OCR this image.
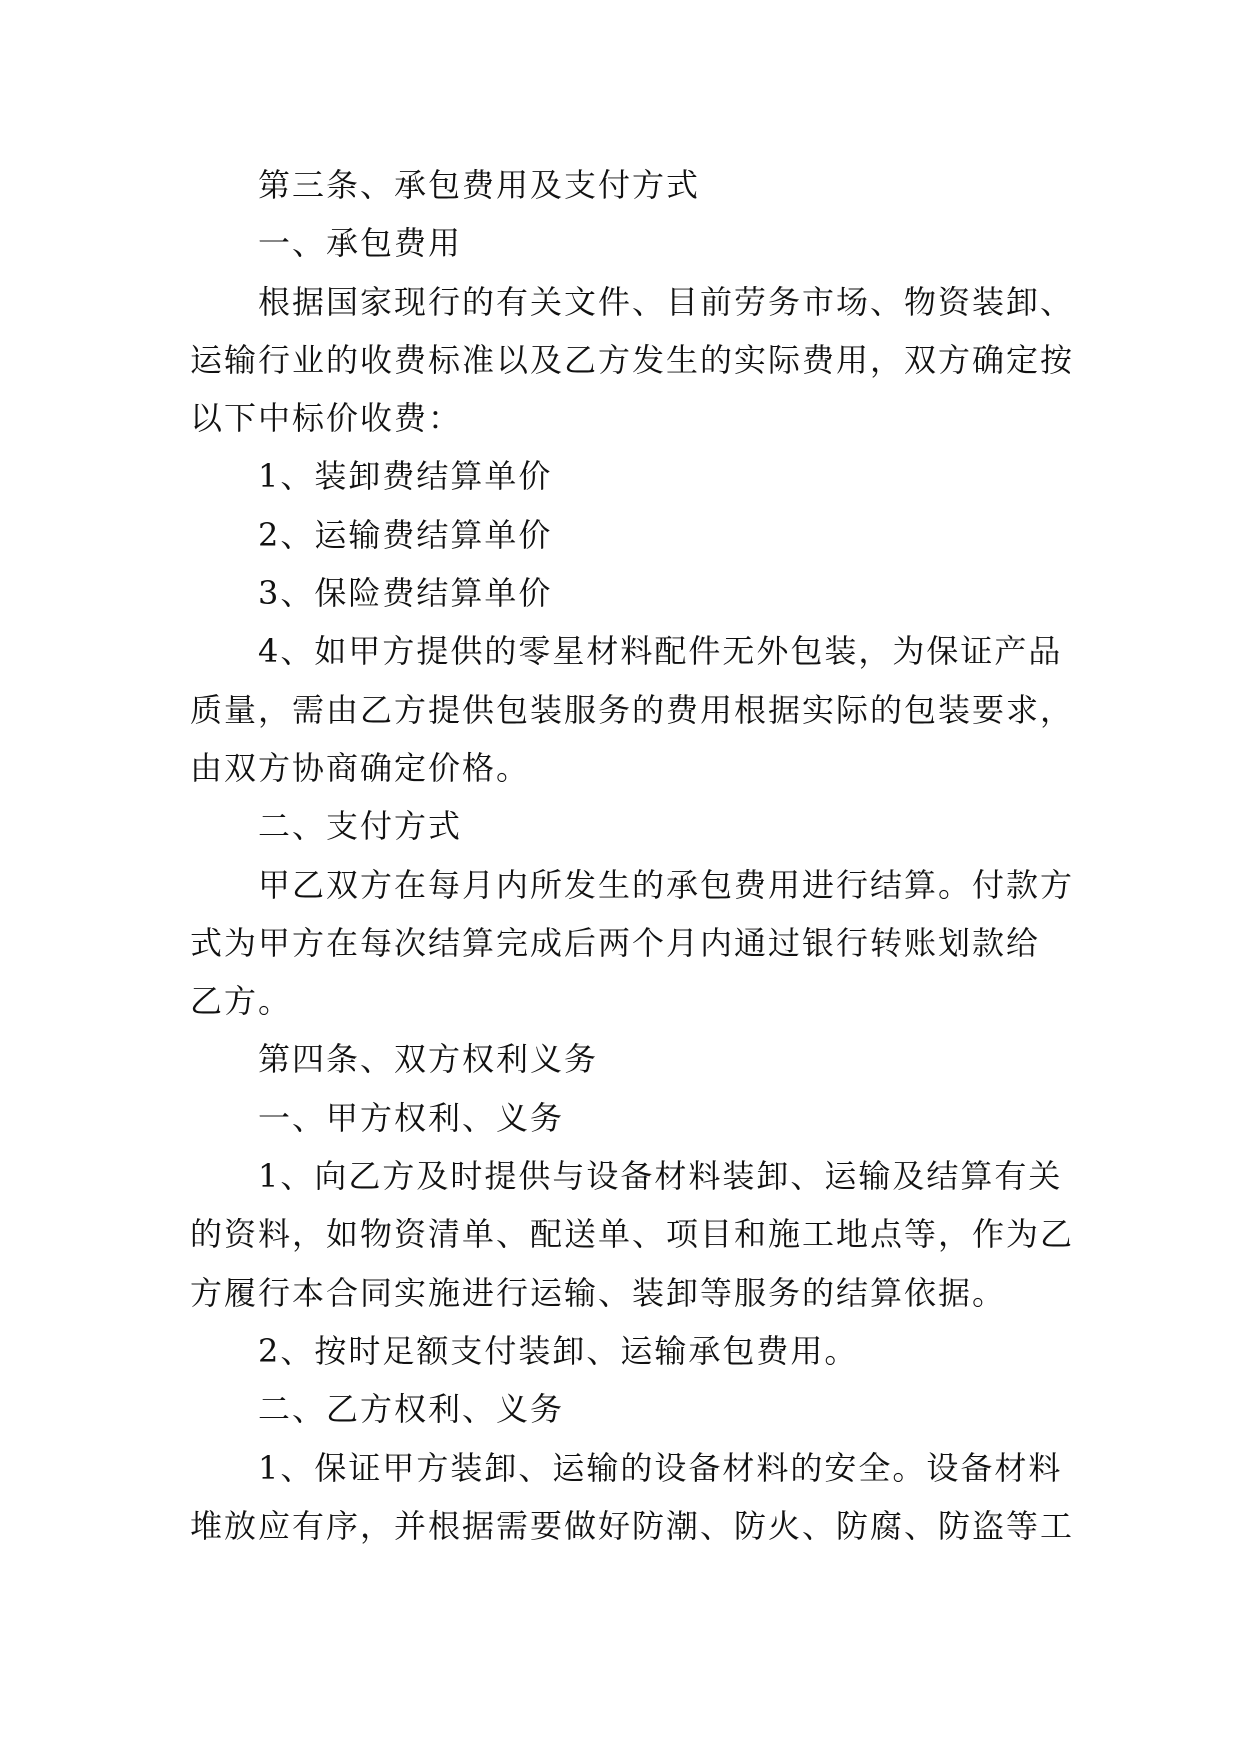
第三条、承包费用及支付方式
一、承包费用
根据国家现行的有关文件、目前劳务市场、物资装卸、
运输行业的收费标准以及乙方发生的实际费用，双方确定按
以下中标价收费：
1、装卸费结算单价
2、运输费结算单价
3、保险费结算单价
4、如甲方提供的零星材料配件无外包装，为保证产品
质量，需由乙方提供包装服务的费用根据实际的包装要求，
由双方协商确定价格。
二、支付方式
甲乙双方在每月内所发生的承包费用进行结算。付款方
式为甲方在每次结算完成后两个月内通过银行转账划款给
乙方。
第四条、双方权利义务
一、甲方权利、义务
1、向乙方及时提供与设备材料装卸、运输及结算有关
的资料，如物资清单、配送单、项目和施工地点等，作为乙
方履行本合同实施进行运输、装卸等服务的结算依据。
2、按时足额支付装卸、运输承包费用。
二、乙方权利、义务
1、保证甲方装卸、运输的设备材料的安全。设备材料
堆放应有序，并根据需要做好防潮、防火、防腐、防盗等工
